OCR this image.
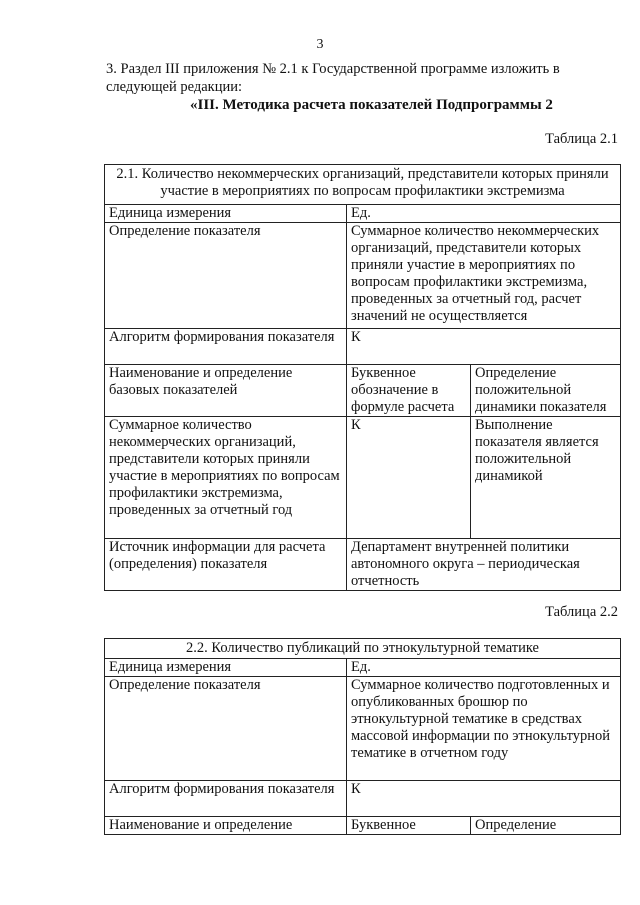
3
3. Раздел III приложения № 2.1 к Государственной программе изложить в
следующей редакции:
«III. Методика расчета показателей Подпрограммы 2
Таблица 2.1
2.1. Количество некоммерческих организаций, представители которых приняли участие в мероприятиях по вопросам профилактики экстремизма		
Единица измерения	Ед.	
Определение показателя	Суммарное количество некоммерческих организаций, представители которых приняли участие в мероприятиях по вопросам профилактики экстремизма, проведенных за отчетный год, расчет значений не осуществляется	
Алгоритм формирования показателя	К	
Наименование и определение базовых показателей	Буквенное обозначение в формуле расчета	Определение положительной динамики показателя
Суммарное количество некоммерческих организаций, представители которых приняли участие в мероприятиях по вопросам профилактики экстремизма, проведенных за отчетный год	К	Выполнение показателя является положительной динамикой
Источник информации для расчета (определения) показателя	Департамент внутренней политики автономного округа – периодическая отчетность	
Таблица 2.2
2.2. Количество публикаций по этнокультурной тематике		
Единица измерения	Ед.	
Определение показателя	Суммарное количество подготовленных и опубликованных брошюр по этнокультурной тематике в средствах массовой информации по этнокультурной тематике в отчетном году	
Алгоритм формирования показателя	К	
Наименование и определение	Буквенное	Определение
